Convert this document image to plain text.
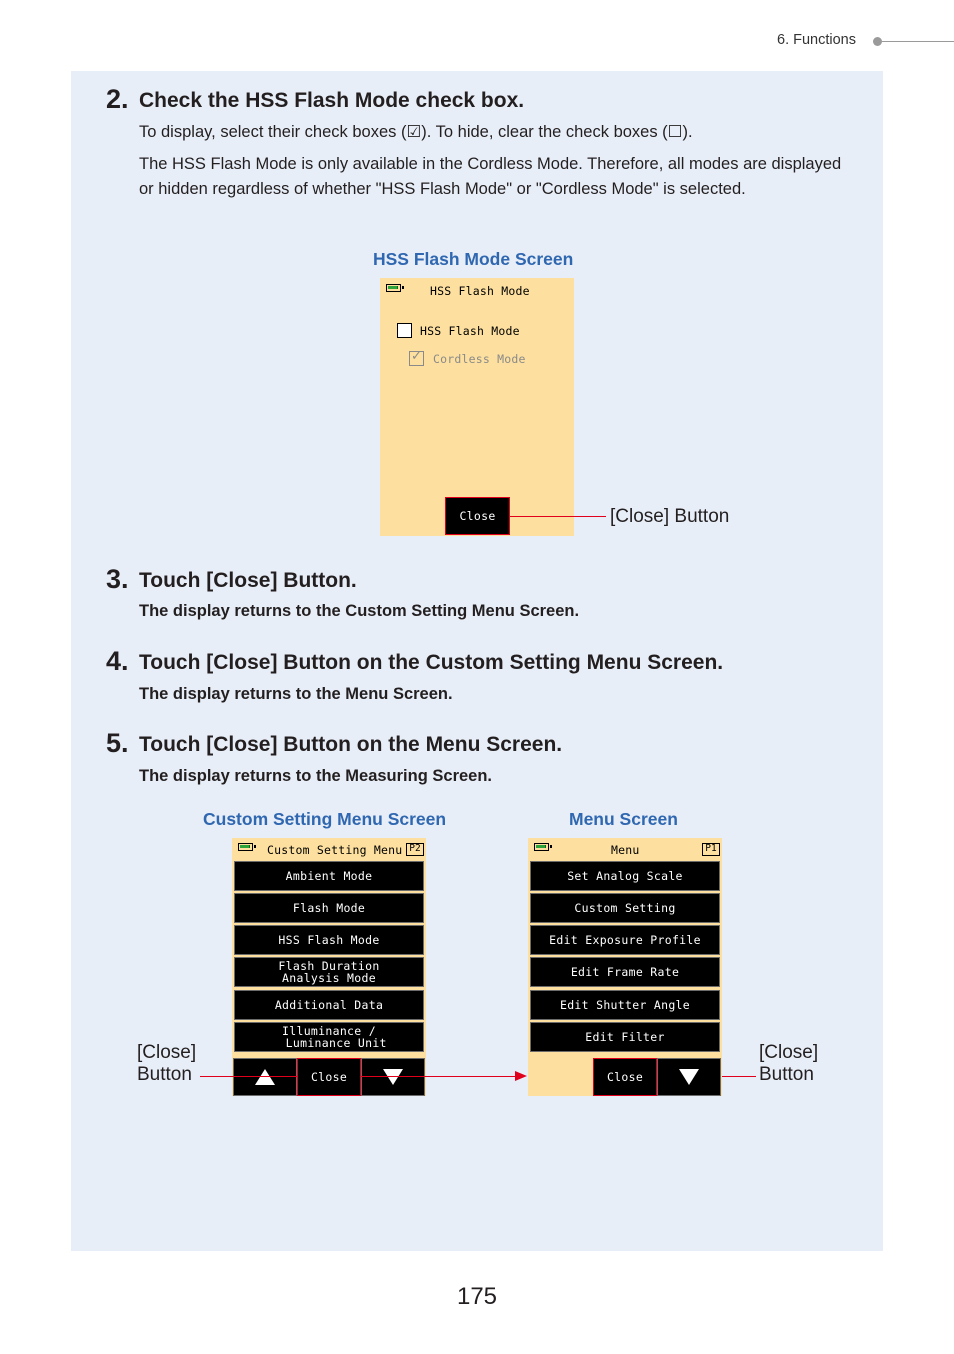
6. Functions
2. Check the HSS Flash Mode check box.
To display, select their check boxes (☑). To hide, clear the check boxes (☐).
The HSS Flash Mode is only available in the Cordless Mode. Therefore, all modes are displayed or hidden regardless of whether "HSS Flash Mode" or "Cordless Mode" is selected.
HSS Flash Mode Screen
HSS Flash Mode
HSS Flash Mode
✓
Cordless Mode
Close	[Close] Button
3. Touch [Close] Button.
The display returns to the Custom Setting Menu Screen.
4. Touch [Close] Button on the Custom Setting Menu Screen.
The display returns to the Menu Screen.
5. Touch [Close] Button on the Menu Screen.
The display returns to the Measuring Screen.
Custom Setting Menu Screen
Custom Setting Menu P2
Ambient Mode
Flash Mode
HSS Flash Mode
Flash Duration
Analysis Mode
Additional Data
Illuminance /
Luminance Unit
Close
Menu Screen
Menu	P1
Set Analog Scale
Custom Setting
Edit Exposure Profile
Edit Frame Rate
Edit Shutter Angle
Edit Filter
Close
[Close]
Button
[Close]
Button
175
